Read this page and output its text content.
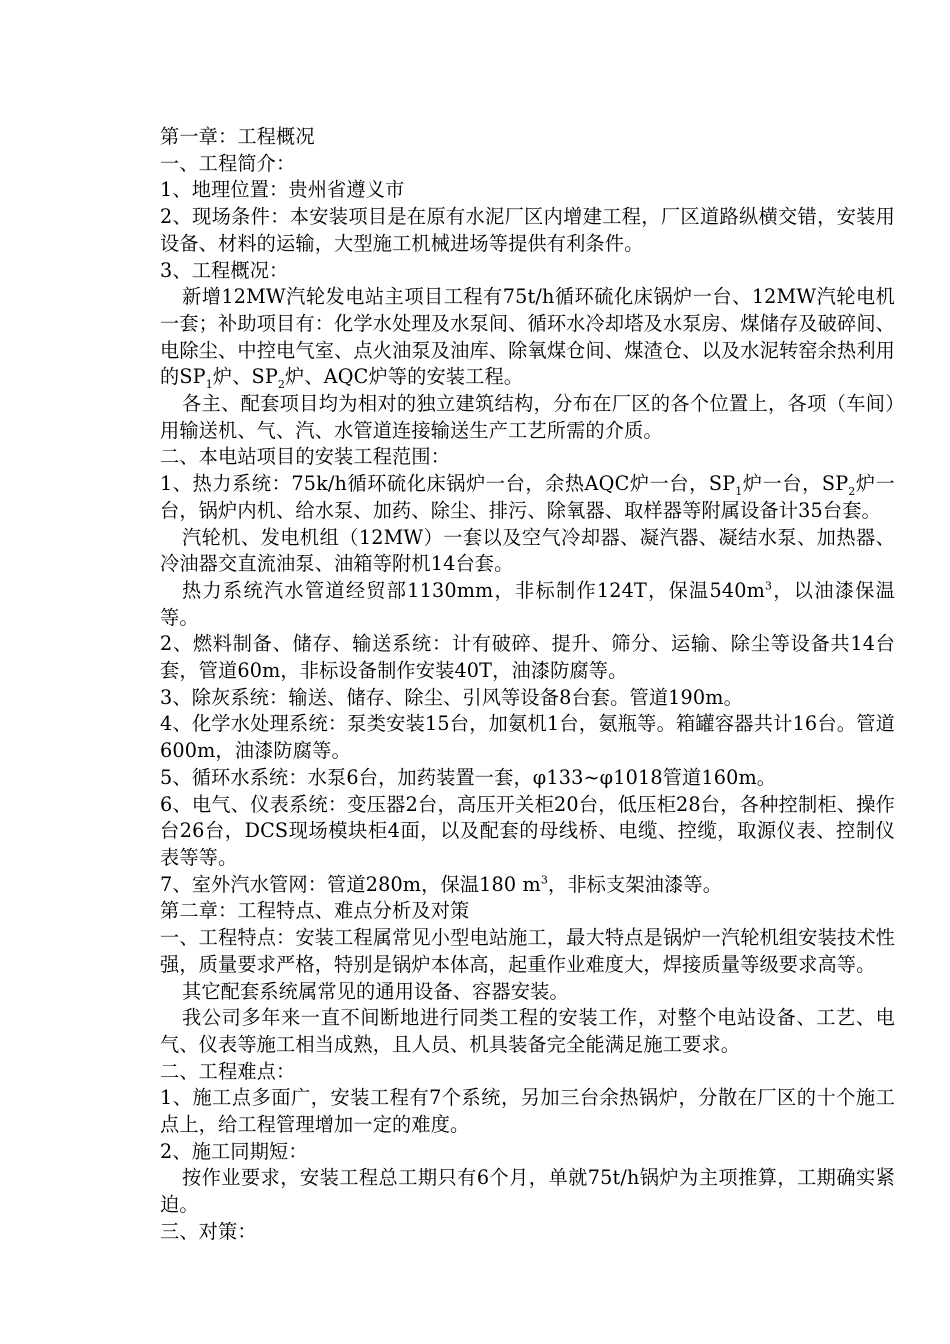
第一章：工程概况
一、工程简介：
1、地理位置：贵州省遵义市
2、现场条件：本安装项目是在原有水泥厂区内增建工程，厂区道路纵横交错，安装用设备、材料的运输，大型施工机械进场等提供有利条件。
3、工程概况：
新增12MW汽轮发电站主项目工程有75t/h循环硫化床锅炉一台、12MW汽轮电机一套；补助项目有：化学水处理及水泵间、循环水冷却塔及水泵房、煤储存及破碎间、电除尘、中控电气室、点火油泵及油库、除氧煤仓间、煤渣仓、以及水泥转窑余热利用的$SP_1$炉、$SP_2$炉、AQC炉等的安装工程。
各主、配套项目均为相对的独立建筑结构，分布在厂区的各个位置上，各项（车间）用输送机、气、汽、水管道连接输送生产工艺所需的介质。
二、本电站项目的安装工程范围：
1、热力系统：75k/h循环硫化床锅炉一台，余热AQC炉一台，$SP_1$炉一台，$SP_2$炉一台，锅炉内机、给水泵、加药、除尘、排污、除氧器、取样器等附属设备计35台套。
汽轮机、发电机组（12MW）一套以及空气冷却器、凝汽器、凝结水泵、加热器、冷油器交直流油泵、油箱等附机14台套。
热力系统汽水管道经贸部1130mm，非标制作124T，保温$540m^3$，以油漆保温等。
2、燃料制备、储存、输送系统：计有破碎、提升、筛分、运输、除尘等设备共14台套，管道60m，非标设备制作安装40T，油漆防腐等。
3、除灰系统：输送、储存、除尘、引风等设备8台套。管道190m。
4、化学水处理系统：泵类安装15台，加氨机1台，氨瓶等。箱罐容器共计16台。管道600m，油漆防腐等。
5、循环水系统：水泵6台，加药装置一套，φ133~φ1018管道160m。
6、电气、仪表系统：变压器2台，高压开关柜20台，低压柜28台，各种控制柜、操作台26台，DCS现场模块柜4面，以及配套的母线桥、电缆、控缆，取源仪表、控制仪表等等。
7、室外汽水管网：管道280m，保温180 $m^3$，非标支架油漆等。
第二章：工程特点、难点分析及对策
一、工程特点：安装工程属常见小型电站施工，最大特点是锅炉一汽轮机组安装技术性强，质量要求严格，特别是锅炉本体高，起重作业难度大，焊接质量等级要求高等。
其它配套系统属常见的通用设备、容器安装。
我公司多年来一直不间断地进行同类工程的安装工作，对整个电站设备、工艺、电气、仪表等施工相当成熟，且人员、机具装备完全能满足施工要求。
二、工程难点：
1、施工点多面广，安装工程有7个系统，另加三台余热锅炉，分散在厂区的十个施工点上，给工程管理增加一定的难度。
2、施工同期短：
按作业要求，安装工程总工期只有6个月，单就75t/h锅炉为主项推算，工期确实紧迫。
三、对策：
